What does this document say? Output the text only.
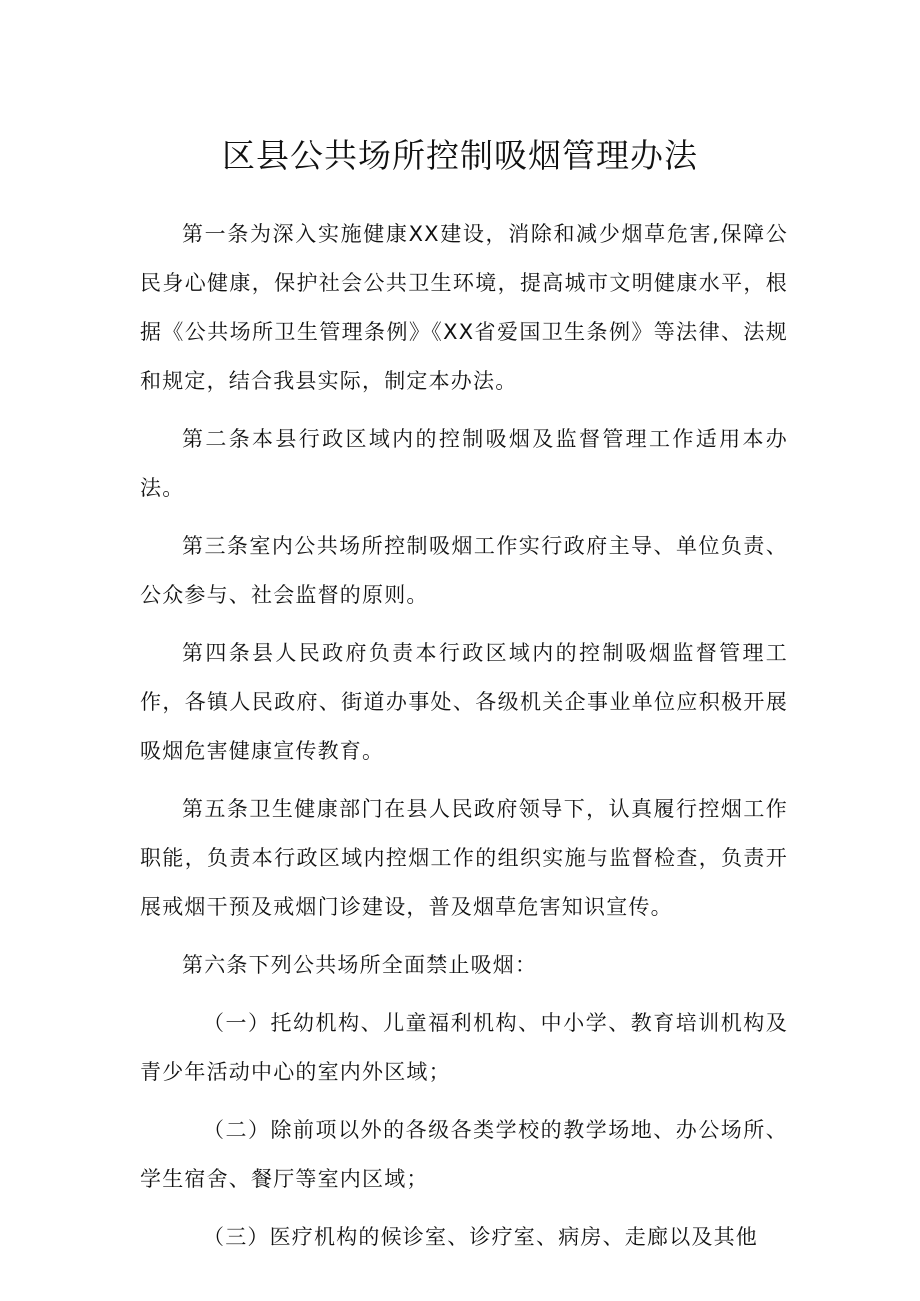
区县公共场所控制吸烟管理办法

第一条为深入实施健康XX建设，消除和减少烟草危害,保障公民身心健康，保护社会公共卫生环境，提高城市文明健康水平，根据《公共场所卫生管理条例》《XX省爱国卫生条例》等法律、法规和规定，结合我县实际，制定本办法。

第二条本县行政区域内的控制吸烟及监督管理工作适用本办法。

第三条室内公共场所控制吸烟工作实行政府主导、单位负责、公众参与、社会监督的原则。

第四条县人民政府负责本行政区域内的控制吸烟监督管理工作，各镇人民政府、街道办事处、各级机关企事业单位应积极开展吸烟危害健康宣传教育。

第五条卫生健康部门在县人民政府领导下，认真履行控烟工作职能，负责本行政区域内控烟工作的组织实施与监督检查，负责开展戒烟干预及戒烟门诊建设，普及烟草危害知识宣传。

第六条下列公共场所全面禁止吸烟：

（一）托幼机构、儿童福利机构、中小学、教育培训机构及青少年活动中心的室内外区域；

（二）除前项以外的各级各类学校的教学场地、办公场所、学生宿舍、餐厅等室内区域；

（三）医疗机构的候诊室、诊疗室、病房、走廊以及其他
